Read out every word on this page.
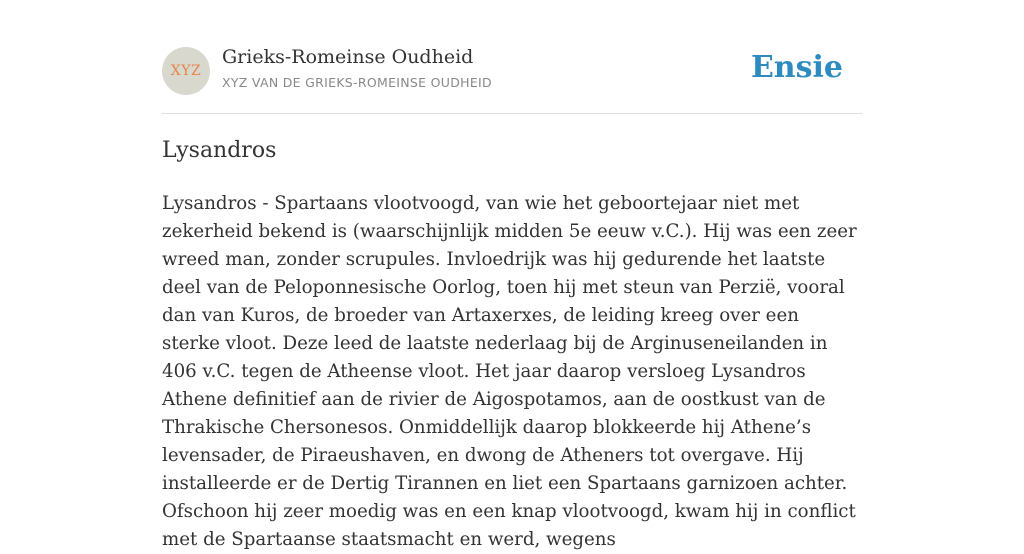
XYZ
Grieks-Romeinse Oudheid
XYZ VAN DE GRIEKS-ROMEINSE OUDHEID	Ensie
Lysandros

Lysandros - Spartaans vlootvoogd, van wie het geboortejaar niet met zekerheid bekend is (waarschijnlijk midden 5e eeuw v.C.). Hij was een zeer wreed man, zonder scrupules. Invloedrijk was hij gedurende het laatste deel van de Peloponnesische Oorlog, toen hij met steun van Perzië, vooral dan van Kuros, de broeder van Artaxerxes, de leiding kreeg over een sterke vloot. Deze leed de laatste nederlaag bij de Arginuseneilanden in 406 v.C. tegen de Atheense vloot. Het jaar daarop versloeg Lysandros Athene definitief aan de rivier de Aigospotamos, aan de oostkust van de Thrakische Chersonesos. Onmiddellijk daarop blokkeerde hij Athene’s levensader, de Piraeushaven, en dwong de Atheners tot overgave. Hij installeerde er de Dertig Tirannen en liet een Spartaans garnizoen achter. Ofschoon hij zeer moedig was en een knap vlootvoogd, kwam hij in conflict met de Spartaanse staatsmacht en werd, wegens
